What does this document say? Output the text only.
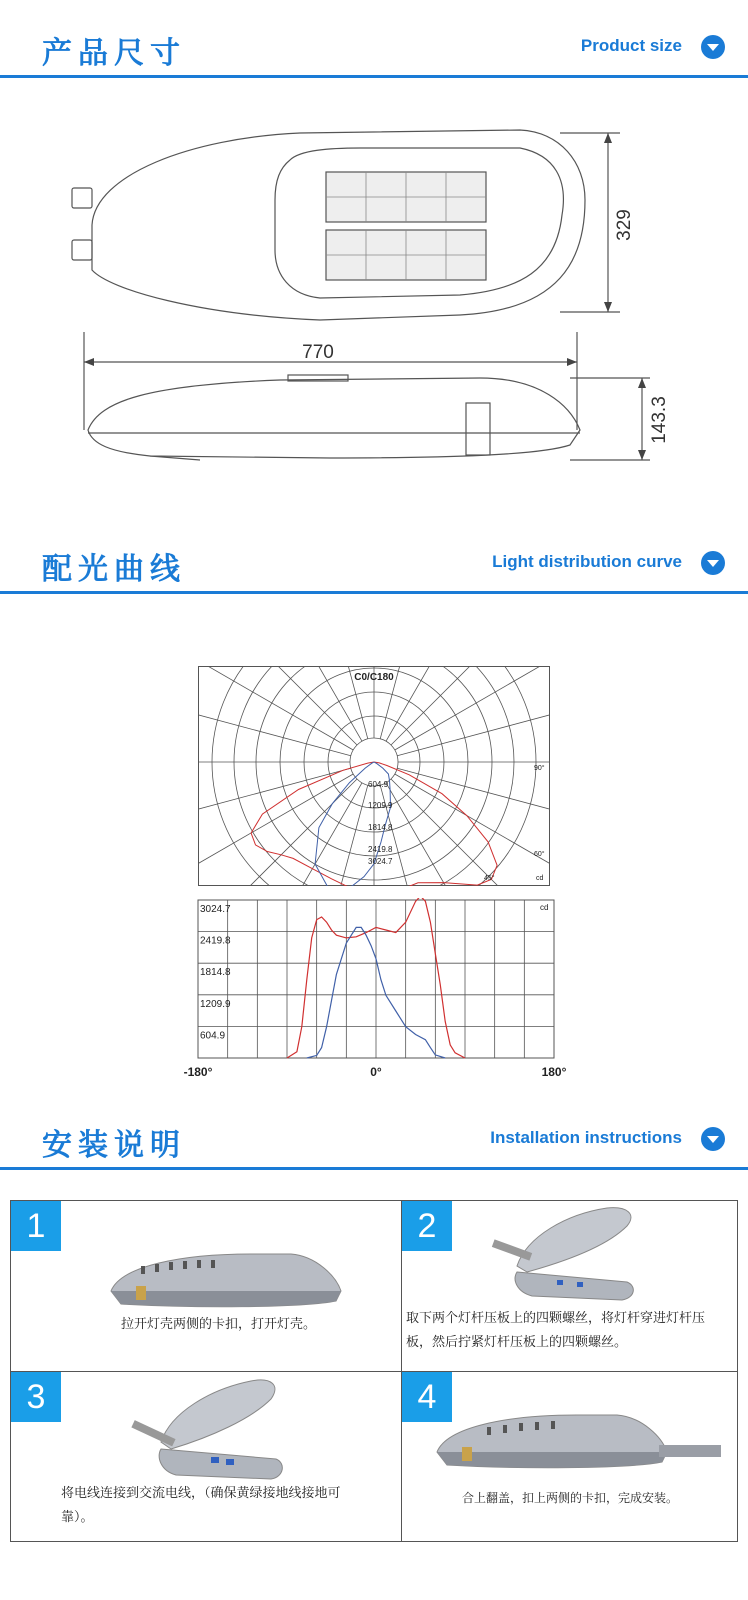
产品尺寸	Product size
329
770
143.3
配光曲线	Light distribution curve
C0/C180
604.9
1209.9
1814.8
2419.8
3024.7
90°
60°
45°	cd
604.9
1209.9
1814.8
2419.8
3024.7
-180°	0°	180°
cd
安装说明	Installation instructions
1
拉开灯壳两侧的卡扣，打开灯壳。
2
取下两个灯杆压板上的四颗螺丝，将灯杆穿进灯杆压
板，然后拧紧灯杆压板上的四颗螺丝。
3
将电线连接到交流电线，（确保黄绿接地线接地可
靠）。
4
合上翻盖，扣上两侧的卡扣，完成安装。
